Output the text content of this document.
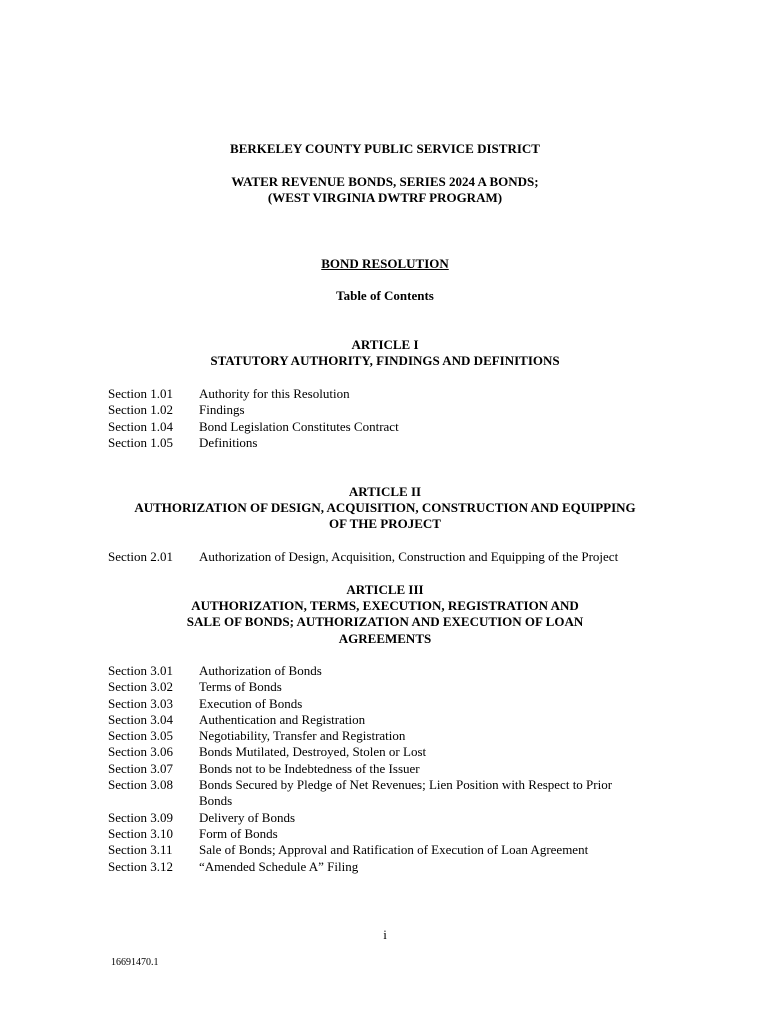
BERKELEY COUNTY PUBLIC SERVICE DISTRICT
WATER REVENUE BONDS, SERIES 2024 A BONDS;
(WEST VIRGINIA DWTRF PROGRAM)
BOND RESOLUTION
Table of Contents
ARTICLE I
STATUTORY AUTHORITY, FINDINGS AND DEFINITIONS
Section 1.01	Authority for this Resolution
Section 1.02	Findings
Section 1.04	Bond Legislation Constitutes Contract
Section 1.05	Definitions
ARTICLE II
AUTHORIZATION OF DESIGN, ACQUISITION, CONSTRUCTION AND EQUIPPING
OF THE PROJECT
Section 2.01	Authorization of Design, Acquisition, Construction and Equipping of the Project
ARTICLE III
AUTHORIZATION, TERMS, EXECUTION, REGISTRATION AND
SALE OF BONDS; AUTHORIZATION AND EXECUTION OF LOAN
AGREEMENTS
Section 3.01	Authorization of Bonds
Section 3.02	Terms of Bonds
Section 3.03	Execution of Bonds
Section 3.04	Authentication and Registration
Section 3.05	Negotiability, Transfer and Registration
Section 3.06	Bonds Mutilated, Destroyed, Stolen or Lost
Section 3.07	Bonds not to be Indebtedness of the Issuer
Section 3.08	Bonds Secured by Pledge of Net Revenues; Lien Position with Respect to Prior
Bonds
Section 3.09	Delivery of Bonds
Section 3.10	Form of Bonds
Section 3.11	Sale of Bonds; Approval and Ratification of Execution of Loan Agreement
Section 3.12	“Amended Schedule A” Filing
i
16691470.1
